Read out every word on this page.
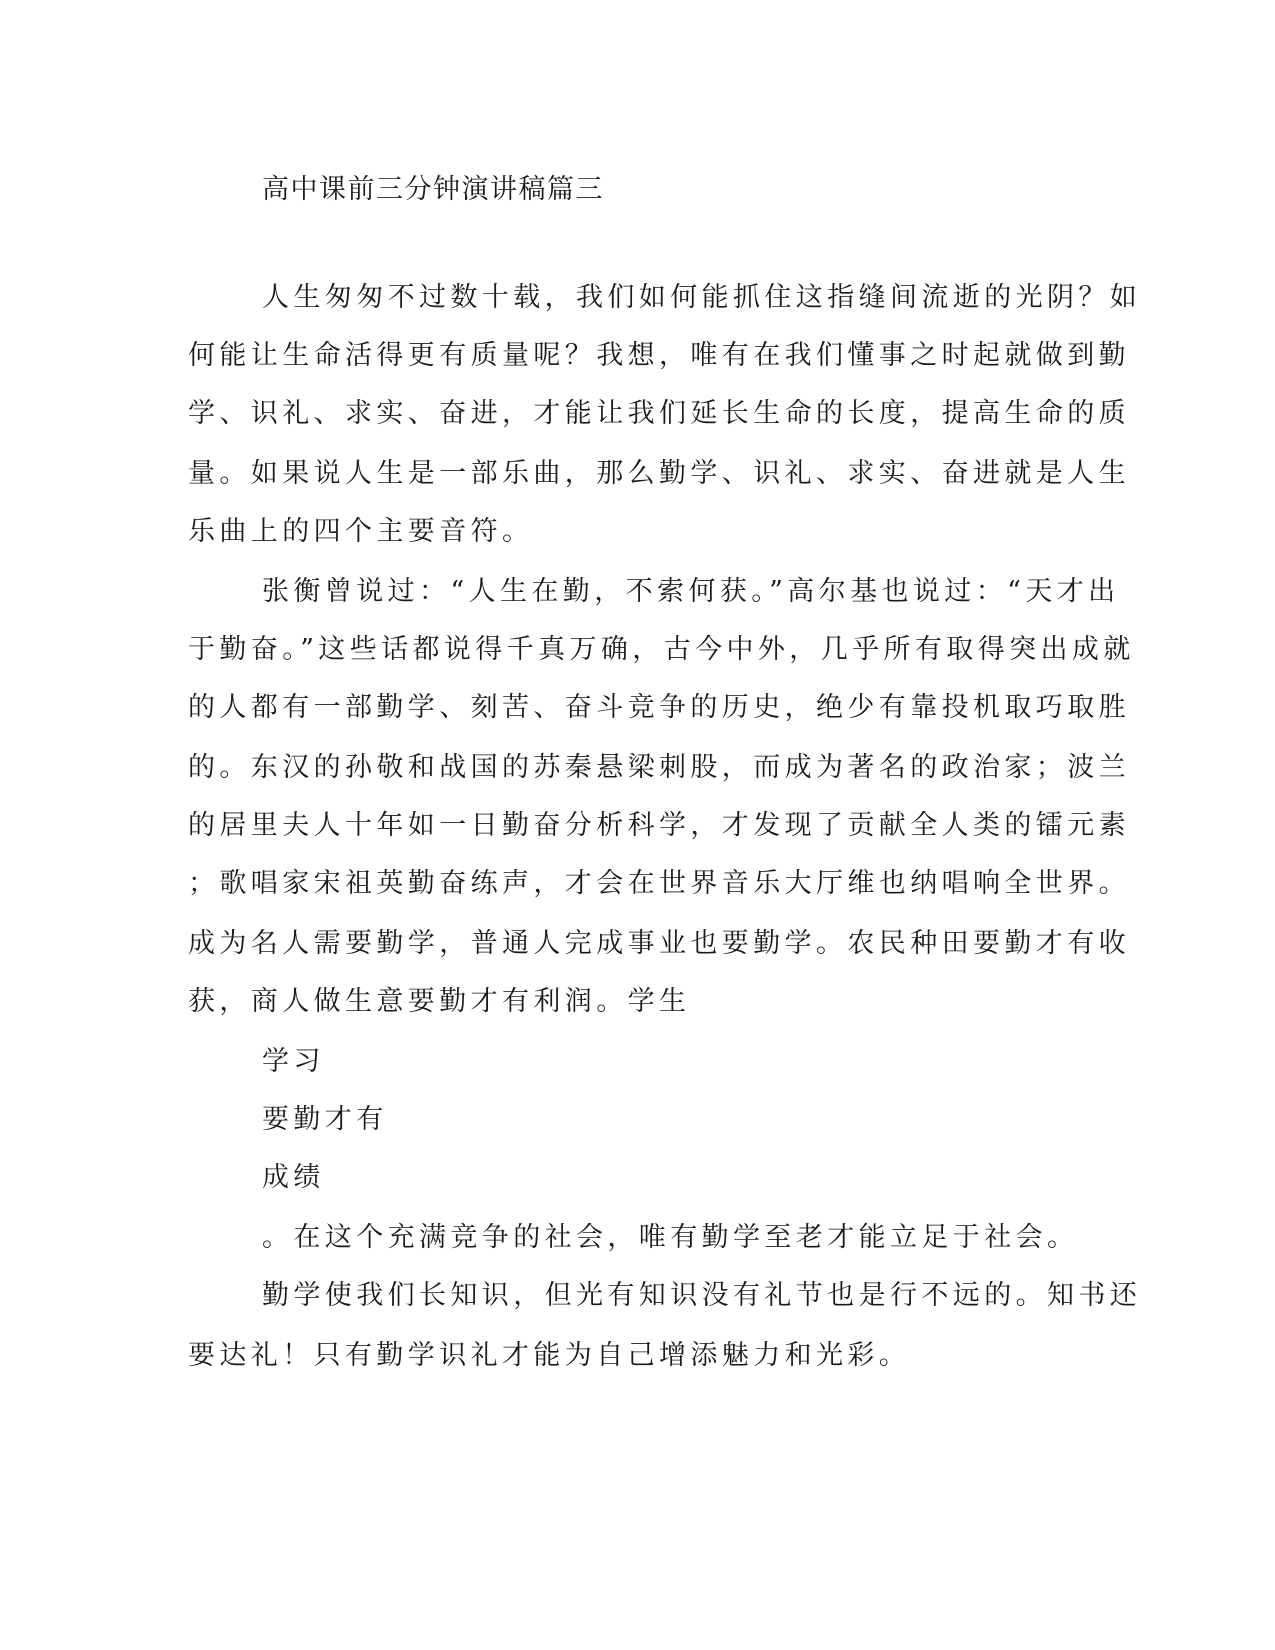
高中课前三分钟演讲稿篇三
人生匆匆不过数十载，我们如何能抓住这指缝间流逝的光阴？如
何能让生命活得更有质量呢？我想，唯有在我们懂事之时起就做到勤
学、识礼、求实、奋进，才能让我们延长生命的长度，提高生命的质
量。如果说人生是一部乐曲，那么勤学、识礼、求实、奋进就是人生
乐曲上的四个主要音符。
张衡曾说过：“人生在勤，不索何获。”高尔基也说过：“天才出
于勤奋。”这些话都说得千真万确，古今中外，几乎所有取得突出成就
的人都有一部勤学、刻苦、奋斗竞争的历史，绝少有靠投机取巧取胜
的。东汉的孙敬和战国的苏秦悬梁刺股，而成为著名的政治家；波兰
的居里夫人十年如一日勤奋分析科学，才发现了贡献全人类的镭元素
；歌唱家宋祖英勤奋练声，才会在世界音乐大厅维也纳唱响全世界。
成为名人需要勤学，普通人完成事业也要勤学。农民种田要勤才有收
获，商人做生意要勤才有利润。学生
学习
要勤才有
成绩
。在这个充满竞争的社会，唯有勤学至老才能立足于社会。
勤学使我们长知识，但光有知识没有礼节也是行不远的。知书还
要达礼！只有勤学识礼才能为自己增添魅力和光彩。
